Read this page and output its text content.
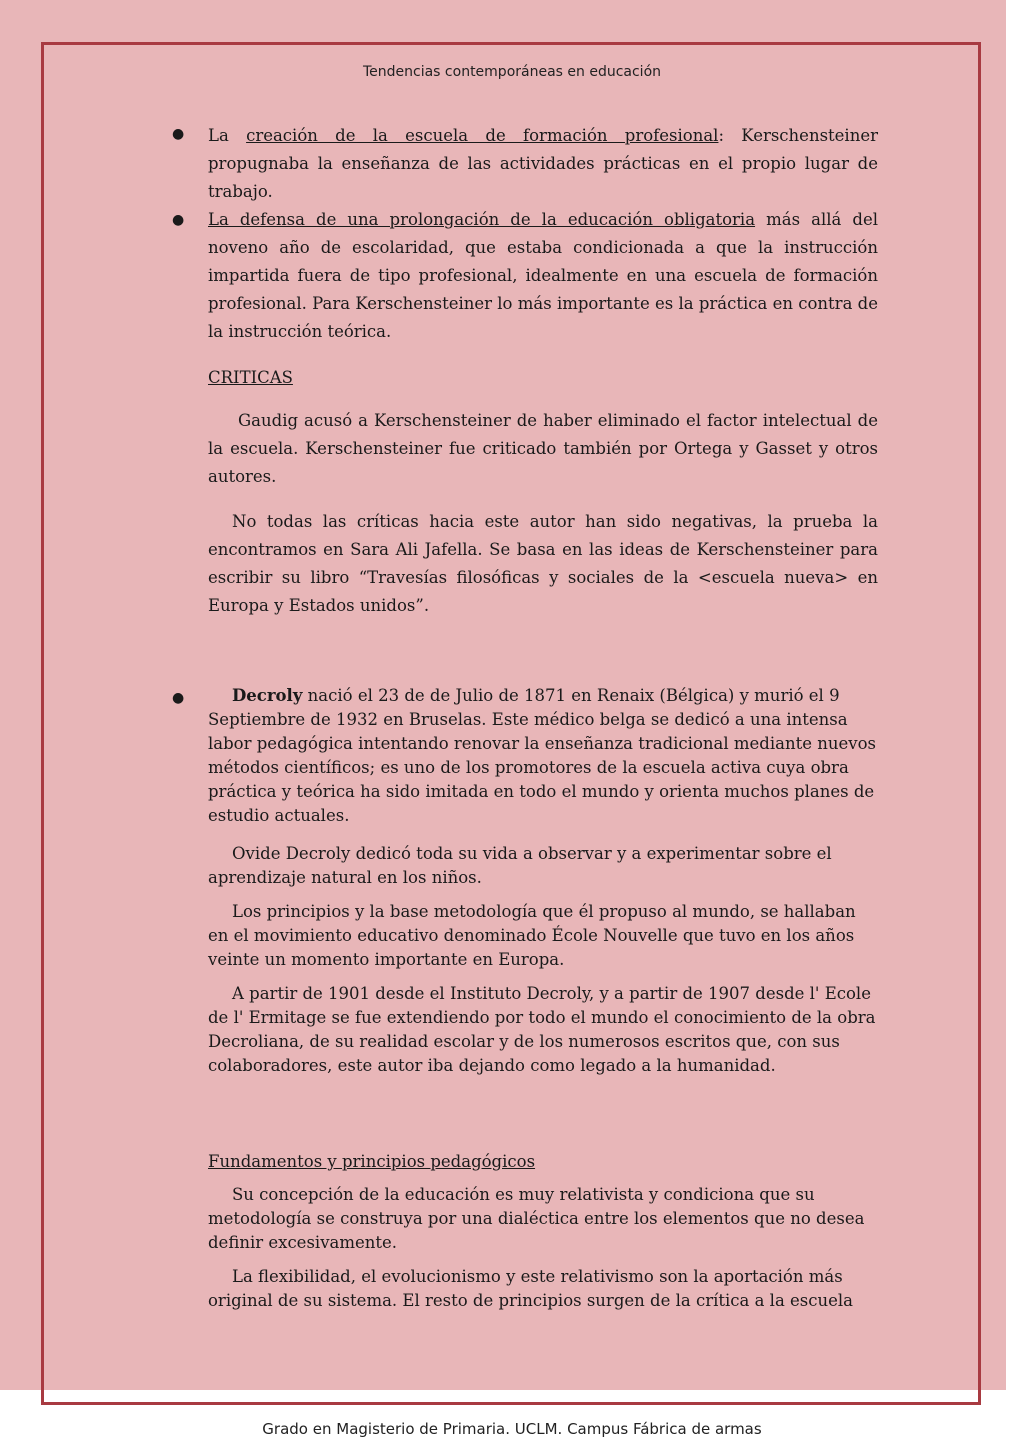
Tendencias contemporáneas en educación
● La creación de la escuela de formación profesional: Kerschensteiner propugnaba la enseñanza de las actividades prácticas en el propio lugar de trabajo.

● La defensa de una prolongación de la educación obligatoria más allá del noveno año de escolaridad, que estaba condicionada a que la instrucción impartida fuera de tipo profesional, idealmente en una escuela de formación profesional. Para Kerschensteiner lo más importante es la práctica en contra de la instrucción teórica.

CRITICAS

Gaudig acusó a Kerschensteiner de haber eliminado el factor intelectual de la escuela. Kerschensteiner fue criticado también por Ortega y Gasset y otros autores.

No todas las críticas hacia este autor han sido negativas, la prueba la encontramos en Sara Ali Jafella. Se basa en las ideas de Kerschensteiner para escribir su libro “Travesías filosóficas y sociales de la <escuela nueva> en Europa y Estados unidos”.

●	Decroly nació el 23 de de Julio de 1871 en Renaix (Bélgica) y murió el 9 Septiembre de 1932 en Bruselas. Este médico belga se dedicó a una intensa labor pedagógica intentando renovar la enseñanza tradicional mediante nuevos métodos científicos; es uno de los promotores de la escuela activa cuya obra práctica y teórica ha sido imitada en todo el mundo y orienta muchos planes de estudio actuales.

Ovide Decroly dedicó toda su vida a observar y a experimentar sobre el aprendizaje natural en los niños.

Los principios y la base metodología que él propuso al mundo, se hallaban en el movimiento educativo denominado École Nouvelle que tuvo en los años veinte un momento importante en Europa.

A partir de 1901 desde el Instituto Decroly, y a partir de 1907 desde l' Ecole de l' Ermitage se fue extendiendo por todo el mundo el conocimiento de la obra Decroliana, de su realidad escolar y de los numerosos escritos que, con sus colaboradores, este autor iba dejando como legado a la humanidad.

Fundamentos y principios pedagógicos

Su concepción de la educación es muy relativista y condiciona que su metodología se construya por una dialéctica entre los elementos que no desea definir excesivamente.

La flexibilidad, el evolucionismo y este relativismo son la aportación más original de su sistema. El resto de principios surgen de la crítica a la escuela

Grado en Magisterio de Primaria. UCLM. Campus Fábrica de armas
